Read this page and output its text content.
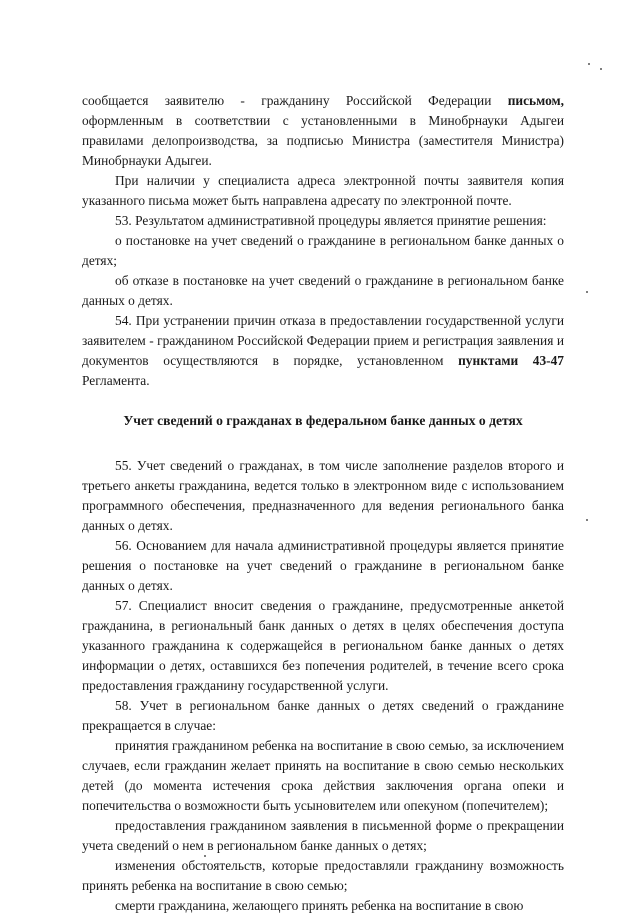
сообщается заявителю - гражданину Российской Федерации письмом, оформленным в соответствии с установленными в Минобрнауки Адыгеи правилами делопроизводства, за подписью Министра (заместителя Министра) Минобрнауки Адыгеи.
При наличии у специалиста адреса электронной почты заявителя копия указанного письма может быть направлена адресату по электронной почте.
53. Результатом административной процедуры является принятие решения:
о постановке на учет сведений о гражданине в региональном банке данных о детях;
об отказе в постановке на учет сведений о гражданине в региональном банке данных о детях.
54. При устранении причин отказа в предоставлении государственной услуги заявителем - гражданином Российской Федерации прием и регистрация заявления и документов осуществляются в порядке, установленном пунктами 43-47 Регламента.
Учет сведений о гражданах в федеральном банке данных о детях
55. Учет сведений о гражданах, в том числе заполнение разделов второго и третьего анкеты гражданина, ведется только в электронном виде с использованием программного обеспечения, предназначенного для ведения регионального банка данных о детях.
56. Основанием для начала административной процедуры является принятие решения о постановке на учет сведений о гражданине в региональном банке данных о детях.
57. Специалист вносит сведения о гражданине, предусмотренные анкетой гражданина, в региональный банк данных о детях в целях обеспечения доступа указанного гражданина к содержащейся в региональном банке данных о детях информации о детях, оставшихся без попечения родителей, в течение всего срока предоставления гражданину государственной услуги.
58. Учет в региональном банке данных о детях сведений о гражданине прекращается в случае:
принятия гражданином ребенка на воспитание в свою семью, за исключением случаев, если гражданин желает принять на воспитание в свою семью нескольких детей (до момента истечения срока действия заключения органа опеки и попечительства о возможности быть усыновителем или опекуном (попечителем);
предоставления гражданином заявления в письменной форме о прекращении учета сведений о нем в региональном банке данных о детях;
изменения обстоятельств, которые предоставляли гражданину возможность принять ребенка на воспитание в свою семью;
смерти гражданина, желающего принять ребенка на воспитание в свою
